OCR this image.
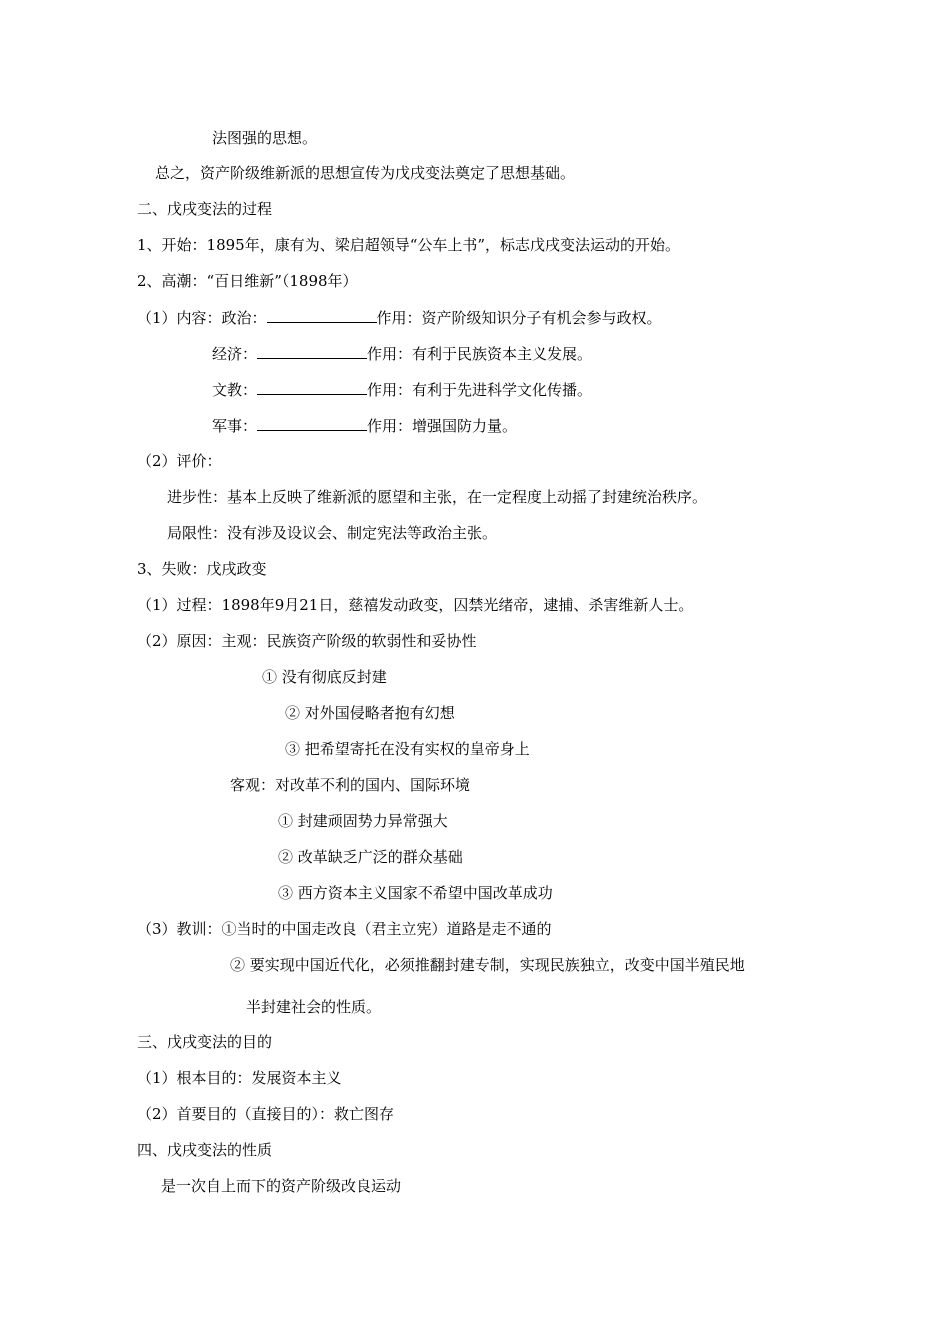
法图强的思想。
总之，资产阶级维新派的思想宣传为戊戌变法奠定了思想基础。
二、戊戌变法的过程
1、开始：1895年，康有为、梁启超领导“公车上书”，标志戊戌变法运动的开始。
2、高潮：“百日维新”（1898年）
（1）内容：政治：	作用：资产阶级知识分子有机会参与政权。
经济：	作用：有利于民族资本主义发展。
文教：	作用：有利于先进科学文化传播。
军事：	作用：增强国防力量。
（2）评价：
进步性：基本上反映了维新派的愿望和主张，在一定程度上动摇了封建统治秩序。
局限性：没有涉及设议会、制定宪法等政治主张。
3、失败：戊戌政变
（1）过程：1898年9月21日，慈禧发动政变，囚禁光绪帝，逮捕、杀害维新人士。
（2）原因：主观：民族资产阶级的软弱性和妥协性
① 没有彻底反封建
② 对外国侵略者抱有幻想
③ 把希望寄托在没有实权的皇帝身上
客观：对改革不利的国内、国际环境
① 封建顽固势力异常强大
② 改革缺乏广泛的群众基础
③ 西方资本主义国家不希望中国改革成功
（3）教训：①当时的中国走改良（君主立宪）道路是走不通的
② 要实现中国近代化，必须推翻封建专制，实现民族独立，改变中国半殖民地
半封建社会的性质。
三、戊戌变法的目的
（1）根本目的：发展资本主义
（2）首要目的（直接目的）：救亡图存
四、戊戌变法的性质
是一次自上而下的资产阶级改良运动
